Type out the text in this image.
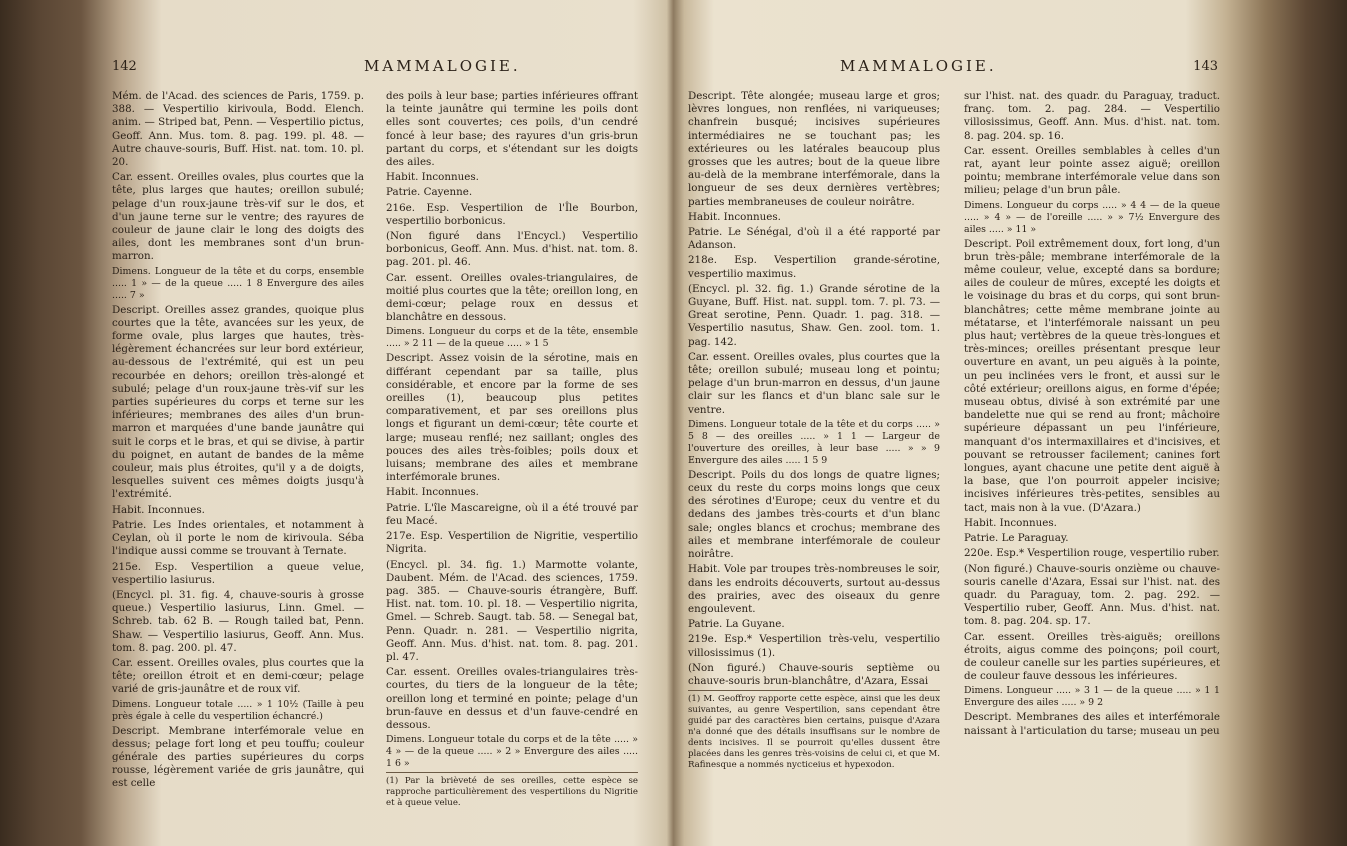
142	MAMMALOGIE.

Mém. de l'Acad. des sciences de Paris, 1759. p. 388. — Vespertilio kirivoula, Bodd. Elench. anim. — Striped bat, Penn. — Vespertilio pictus, Geoff. Ann. Mus. tom. 8. pag. 199. pl. 48. — Autre chauve-souris, Buff. Hist. nat. tom. 10. pl. 20.

Car. essent. Oreilles ovales, plus courtes que la tête, plus larges que hautes; oreillon subulé; pelage d'un roux-jaune très-vif sur le dos, et d'un jaune terne sur le ventre; des rayures de couleur de jaune clair le long des doigts des ailes, dont les membranes sont d'un brun-marron.

Dimens. Longueur de la tête et du corps, ensemble ..... 1 » — de la queue ..... 1 8 Envergure des ailes ..... 7 »

Descript. Oreilles assez grandes, quoique plus courtes que la tête, avancées sur les yeux, de forme ovale, plus larges que hautes, très-légèrement échancrées sur leur bord extérieur, au-dessous de l'extrémité, qui est un peu recourbée en dehors; oreillon très-alongé et subulé; pelage d'un roux-jaune très-vif sur les parties supérieures du corps et terne sur les inférieures; membranes des ailes d'un brun-marron et marquées d'une bande jaunâtre qui suit le corps et le bras, et qui se divise, à partir du poignet, en autant de bandes de la même couleur, mais plus étroites, qu'il y a de doigts, lesquelles suivent ces mêmes doigts jusqu'à l'extrémité.

Habit. Inconnues.

Patrie. Les Indes orientales, et notamment à Ceylan, où il porte le nom de kirivoula. Séba l'indique aussi comme se trouvant à Ternate.

215e. Esp. Vespertilion a queue velue, vespertilio lasiurus.

(Encycl. pl. 31. fig. 4, chauve-souris à grosse queue.) Vespertilio lasiurus, Linn. Gmel. — Schreb. tab. 62 B. — Rough tailed bat, Penn. Shaw. — Vespertilio lasiurus, Geoff. Ann. Mus. tom. 8. pag. 200. pl. 47.

Car. essent. Oreilles ovales, plus courtes que la tête; oreillon étroit et en demi-cœur; pelage varié de gris-jaunâtre et de roux vif.

Dimens. Longueur totale ..... » 1 10½ (Taille à peu près égale à celle du vespertilion échancré.)

Descript. Membrane interfémorale velue en dessus; pelage fort long et peu touffu; couleur générale des parties supérieures du corps rousse, légèrement variée de gris jaunâtre, qui est celle

des poils à leur base; parties inférieures offrant la teinte jaunâtre qui termine les poils dont elles sont couvertes; ces poils, d'un cendré foncé à leur base; des rayures d'un gris-brun partant du corps, et s'étendant sur les doigts des ailes.

Habit. Inconnues.

Patrie. Cayenne.

216e. Esp. Vespertilion de l'Île Bourbon, vespertilio borbonicus.

(Non figuré dans l'Encycl.) Vespertilio borbonicus, Geoff. Ann. Mus. d'hist. nat. tom. 8. pag. 201. pl. 46.

Car. essent. Oreilles ovales-triangulaires, de moitié plus courtes que la tête; oreillon long, en demi-cœur; pelage roux en dessus et blanchâtre en dessous.

Dimens. Longueur du corps et de la tête, ensemble ..... » 2 11 — de la queue ..... » 1 5

Descript. Assez voisin de la sérotine, mais en différant cependant par sa taille, plus considérable, et encore par la forme de ses oreilles (1), beaucoup plus petites comparativement, et par ses oreillons plus longs et figurant un demi-cœur; tête courte et large; museau renflé; nez saillant; ongles des pouces des ailes très-foibles; poils doux et luisans; membrane des ailes et membrane interfémorale brunes.

Habit. Inconnues.

Patrie. L'île Mascareigne, où il a été trouvé par feu Macé.

217e. Esp. Vespertilion de Nigritie, vespertilio Nigrita.

(Encycl. pl. 34. fig. 1.) Marmotte volante, Daubent. Mém. de l'Acad. des sciences, 1759. pag. 385. — Chauve-souris étrangère, Buff. Hist. nat. tom. 10. pl. 18. — Vespertilio nigrita, Gmel. — Schreb. Saugt. tab. 58. — Senegal bat, Penn. Quadr. n. 281. — Vespertilio nigrita, Geoff. Ann. Mus. d'hist. nat. tom. 8. pag. 201. pl. 47.

Car. essent. Oreilles ovales-triangulaires très-courtes, du tiers de la longueur de la tête; oreillon long et terminé en pointe; pelage d'un brun-fauve en dessus et d'un fauve-cendré en dessous.

Dimens. Longueur totale du corps et de la tête ..... » 4 » — de la queue ..... » 2 » Envergure des ailes ..... 1 6 »

(1) Par la brièveté de ses oreilles, cette espèce se rapproche particulièrement des vespertilions du Nigritie et à queue velue.

MAMMALOGIE.	143

Descript. Tête alongée; museau large et gros; lèvres longues, non renflées, ni variqueuses; chanfrein busqué; incisives supérieures intermédiaires ne se touchant pas; les extérieures ou les latérales beaucoup plus grosses que les autres; bout de la queue libre au-delà de la membrane interfémorale, dans la longueur de ses deux dernières vertèbres; parties membraneuses de couleur noirâtre.

Habit. Inconnues.

Patrie. Le Sénégal, d'où il a été rapporté par Adanson.

218e. Esp. Vespertilion grande-sérotine, vespertilio maximus.

(Encycl. pl. 32. fig. 1.) Grande sérotine de la Guyane, Buff. Hist. nat. suppl. tom. 7. pl. 73. — Great serotine, Penn. Quadr. 1. pag. 318. — Vespertilio nasutus, Shaw. Gen. zool. tom. 1. pag. 142.

Car. essent. Oreilles ovales, plus courtes que la tête; oreillon subulé; museau long et pointu; pelage d'un brun-marron en dessus, d'un jaune clair sur les flancs et d'un blanc sale sur le ventre.

Dimens. Longueur totale de la tête et du corps ..... » 5 8 — des oreilles ..... » 1 1 — Largeur de l'ouverture des oreilles, à leur base ..... » » 9 Envergure des ailes ..... 1 5 9

Descript. Poils du dos longs de quatre lignes; ceux du reste du corps moins longs que ceux des sérotines d'Europe; ceux du ventre et du dedans des jambes très-courts et d'un blanc sale; ongles blancs et crochus; membrane des ailes et membrane interfémorale de couleur noirâtre.

Habit. Vole par troupes très-nombreuses le soir, dans les endroits découverts, surtout au-dessus des prairies, avec des oiseaux du genre engoulevent.

Patrie. La Guyane.

219e. Esp.* Vespertilion très-velu, vespertilio villosissimus (1).

(Non figuré.) Chauve-souris septième ou chauve-souris brun-blanchâtre, d'Azara, Essai

(1) M. Geoffroy rapporte cette espèce, ainsi que les deux suivantes, au genre Vespertilion, sans cependant être guidé par des caractères bien certains, puisque d'Azara n'a donné que des détails insuffisans sur le nombre de dents incisives. Il se pourroit qu'elles dussent être placées dans les genres très-voisins de celui ci, et que M. Rafinesque a nommés nycticeius et hypexodon.

sur l'hist. nat. des quadr. du Paraguay, traduct. franç. tom. 2. pag. 284. — Vespertilio villosissimus, Geoff. Ann. Mus. d'hist. nat. tom. 8. pag. 204. sp. 16.

Car. essent. Oreilles semblables à celles d'un rat, ayant leur pointe assez aiguë; oreillon pointu; membrane interfémorale velue dans son milieu; pelage d'un brun pâle.

Dimens. Longueur du corps ..... » 4 4 — de la queue ..... » 4 » — de l'oreille ..... » » 7½ Envergure des ailes ..... » 11 »

Descript. Poil extrêmement doux, fort long, d'un brun très-pâle; membrane interfémorale de la même couleur, velue, excepté dans sa bordure; ailes de couleur de mûres, excepté les doigts et le voisinage du bras et du corps, qui sont brun-blanchâtres; cette même membrane jointe au métatarse, et l'interfémorale naissant un peu plus haut; vertèbres de la queue très-longues et très-minces; oreilles présentant presque leur ouverture en avant, un peu aiguës à la pointe, un peu inclinées vers le front, et aussi sur le côté extérieur; oreillons aigus, en forme d'épée; museau obtus, divisé à son extrémité par une bandelette nue qui se rend au front; mâchoire supérieure dépassant un peu l'inférieure, manquant d'os intermaxillaires et d'incisives, et pouvant se retrousser facilement; canines fort longues, ayant chacune une petite dent aiguë à la base, que l'on pourroit appeler incisive; incisives inférieures très-petites, sensibles au tact, mais non à la vue. (D'Azara.)

Habit. Inconnues.

Patrie. Le Paraguay.

220e. Esp.* Vespertilion rouge, vespertilio ruber.

(Non figuré.) Chauve-souris onzième ou chauve-souris canelle d'Azara, Essai sur l'hist. nat. des quadr. du Paraguay, tom. 2. pag. 292. — Vespertilio ruber, Geoff. Ann. Mus. d'hist. nat. tom. 8. pag. 204. sp. 17.

Car. essent. Oreilles très-aiguës; oreillons étroits, aigus comme des poinçons; poil court, de couleur canelle sur les parties supérieures, et de couleur fauve dessous les inférieures.

Dimens. Longueur ..... » 3 1 — de la queue ..... » 1 1 Envergure des ailes ..... » 9 2

Descript. Membranes des ailes et interfémorale naissant à l'articulation du tarse; museau un peu
